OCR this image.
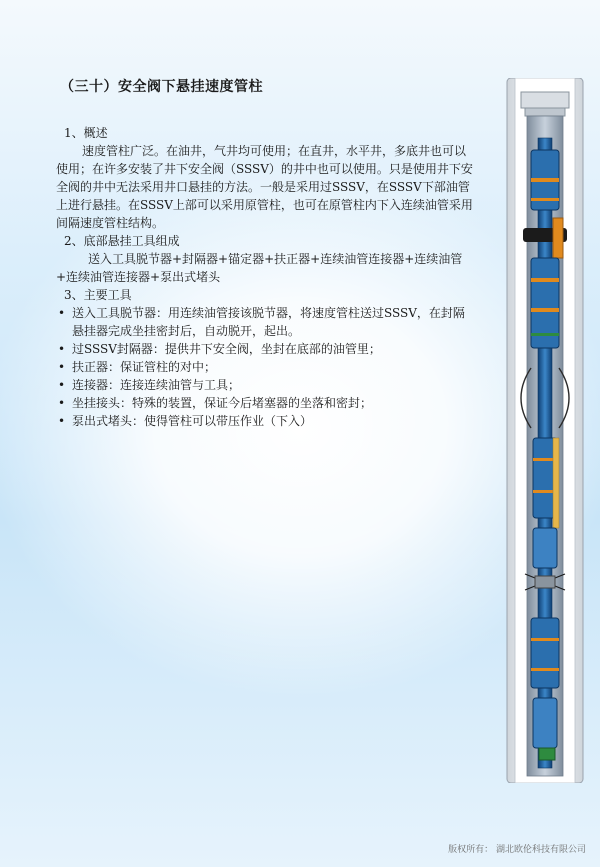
（三十）安全阀下悬挂速度管柱

1、概述

速度管柱广泛。在油井，气井均可使用；在直井，水平井，多底井也可以使用；在许多安装了井下安全阀（SSSV）的井中也可以使用。只是使用井下安全阀的井中无法采用井口悬挂的方法。一般是采用过SSSV，在SSSV下部油管上进行悬挂。在SSSV上部可以采用原管柱，也可在原管柱内下入连续油管采用间隔速度管柱结构。

2、底部悬挂工具组成

送入工具脱节器+封隔器+锚定器+扶正器+连续油管连接器+连续油管+连续油管连接器+泵出式堵头

3、主要工具

• 送入工具脱节器：用连续油管接该脱节器，将速度管柱送过SSSV，在封隔悬挂器完成坐挂密封后，自动脱开，起出。
• 过SSSV封隔器：提供井下安全阀，坐封在底部的油管里；
• 扶正器：保证管柱的对中；
• 连接器：连接连续油管与工具；
• 坐挂接头：特殊的装置，保证今后堵塞器的坐落和密封；
• 泵出式堵头：使得管柱可以带压作业（下入）
版权所有： 湖北欧伦科技有限公司
